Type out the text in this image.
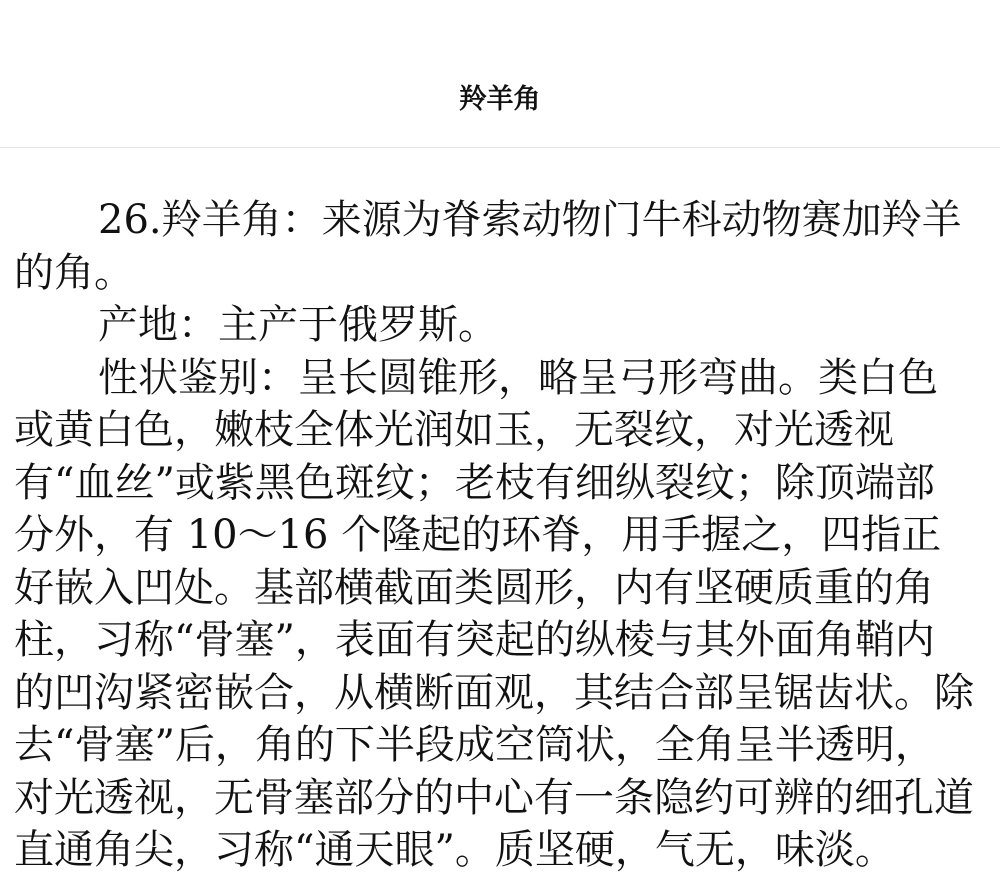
羚羊角

26.羚羊角：来源为脊索动物门牛科动物赛加羚羊的角。

产地：主产于俄罗斯。

性状鉴别：呈长圆锥形，略呈弓形弯曲。类白色或黄白色，嫩枝全体光润如玉，无裂纹，对光透视有“血丝”或紫黑色斑纹；老枝有细纵裂纹；除顶端部分外，有 10～16 个隆起的环脊，用手握之，四指正好嵌入凹处。基部横截面类圆形，内有坚硬质重的角柱，习称“骨塞”，表面有突起的纵棱与其外面角鞘内的凹沟紧密嵌合，从横断面观，其结合部呈锯齿状。除去“骨塞”后，角的下半段成空筒状，全角呈半透明，对光透视，无骨塞部分的中心有一条隐约可辨的细孔道直通角尖，习称“通天眼”。质坚硬，气无，味淡。
